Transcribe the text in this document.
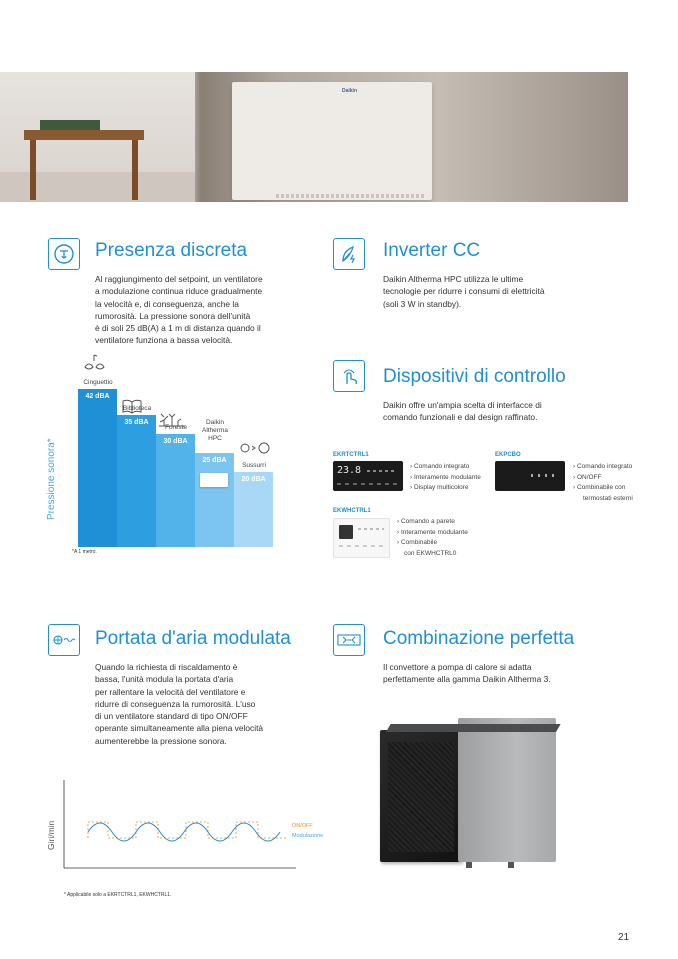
Daikin
Presenza discreta
Al raggiungimento del setpoint, un ventilatore
a modulazione continua riduce gradualmente
la velocità e, di conseguenza, anche la
rumorosità. La pressione sonora dell'unità
è di soli 25 dB(A) a 1 m di distanza quando il
ventilatore funziona a bassa velocità.
Pressione sonora*
42 dBA
Cinguettio
35 dBA
Biblioteca
30 dBA
Foreste
25 dBA
Daikin
Altherma
HPC
20 dBA
Sussurri
*A 1 metro.
Inverter CC
Daikin Altherma HPC utilizza le ultime
tecnologie per ridurre i consumi di elettricità
(soli 3 W in standby).
Dispositivi di controllo
Daikin offre un'ampia scelta di interfacce di
comando funzionali e dal design raffinato.
EKRTCTRL1
23.8	› Comando integrato
› Interamente modulante
› Display multicolore
EKPCBO
› Comando integrato
› ON/OFF
› Combinabile con
termostati esterni
EKWHCTRL1
› Comando a parete
› Interamente modulante
› Combinabile
con EKWHCTRL0
Portata d'aria modulata
Quando la richiesta di riscaldamento è
bassa, l'unità modula la portata d'aria
per rallentare la velocità del ventilatore e
ridurre di conseguenza la rumorosità. L'uso
di un ventilatore standard di tipo ON/OFF
operante simultaneamente alla piena velocità
aumenterebbe la pressione sonora.
Giri/min	ON/OFF
Modulazione
* Applicabile solo a EKRTCTRL1, EKWHCTRL1.
Combinazione perfetta
Il convettore a pompa di calore si adatta
perfettamente alla gamma Daikin Altherma 3.
21
